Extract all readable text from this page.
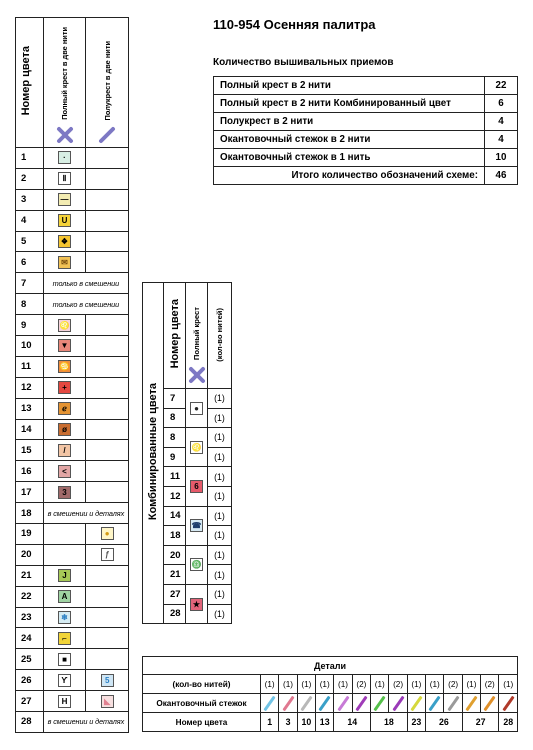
110-954 Осенняя палитра
Количество вышивальных приемов
Полный крест в 2 нити	22
Полный крест в 2 нити Комбинированный цвет	6
Полукрест в 2 нити	4
Окантовочный стежок в 2 нити	4
Окантовочный стежок в 1 нить	10
Итого количество обозначений схеме:	46
Номер цвета	Полный крест в две нити	Полукрест в две нити

1	·	
2	Ⅱ	
3	—	
4	U	
5	❖	
6	✉	
7	только в смешении	
8	только в смешении	
9	♌	
10	▼	
11	♋	
12	+	
13	ℯ	
14	ø	
15	/	
16	<	
17	3	
18	в смешении и деталях	
19		●
20		ƒ
21	J	
22	A	
23	❄	
24	⌐	
25	■	
26	ϒ	5
27	H	◣
28	в смешении и деталях	
Комбинированные цвета	Номер цвета	Полный крест	(кол-во нитей)
	7	●	(1)
	8		(1)
	8	♌	(1)
	9		(1)
	11	6	(1)
	12		(1)
	14	☎	(1)
	18		(1)
	20	♎	(1)
	21		(1)
	27	★	(1)
	28		(1)
Детали														
(кол-во нитей)	(1)	(1)	(1)	(1)	(1)	(2)	(1)	(2)	(1)	(1)	(2)	(1)	(2)	(1)
Окантовочный стежок	

Номер цвета	1	3	10	13	14		18		23	26		27		28
